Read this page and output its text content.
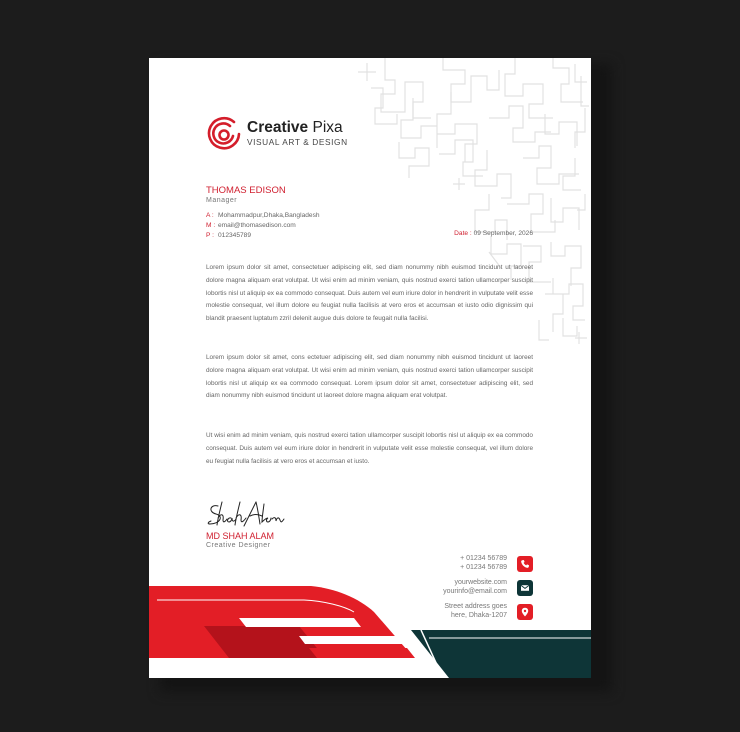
Creative Pixa
VISUAL ART & DESIGN
THOMAS EDISON
Manager
A : Mohammadpur,Dhaka,Bangladesh
M : email@thomasedison.com
P : 012345789	Date : 09 September, 2026

Lorem ipsum dolor sit amet, consectetuer adipiscing elit, sed diam nonummy nibh euismod tincidunt ut laoreet dolore magna aliquam erat volutpat. Ut wisi enim ad minim veniam, quis nostrud exerci tation ullamcorper suscipit lobortis nisl ut aliquip ex ea commodo consequat. Duis autem vel eum iriure dolor in hendrerit in vulputate velit esse molestie consequat, vel illum dolore eu feugiat nulla facilisis at vero eros et accumsan et iusto odio dignissim qui blandit praesent luptatum zzril delenit augue duis dolore te feugait nulla facilisi.

Lorem ipsum dolor sit amet, cons ectetuer adipiscing elit, sed diam nonummy nibh euismod tincidunt ut laoreet dolore magna aliquam erat volutpat. Ut wisi enim ad minim veniam, quis nostrud exerci tation ullamcorper suscipit lobortis nisl ut aliquip ex ea commodo consequat. Lorem ipsum dolor sit amet, consectetuer adipiscing elit, sed diam nonummy nibh euismod tincidunt ut laoreet dolore magna aliquam erat volutpat.

Ut wisi enim ad minim veniam, quis nostrud exerci tation ullamcorper suscipit lobortis nisl ut aliquip ex ea commodo consequat. Duis autem vel eum iriure dolor in hendrerit in vulputate velit esse molestie consequat, vel illum dolore eu feugiat nulla facilisis at vero eros et accumsan et iusto.

MD SHAH ALAM
Creative Designer
+ 01234 56789
+ 01234 56789
yourwebsite.com
yourinfo@email.com
Street address goes
here, Dhaka-1207
